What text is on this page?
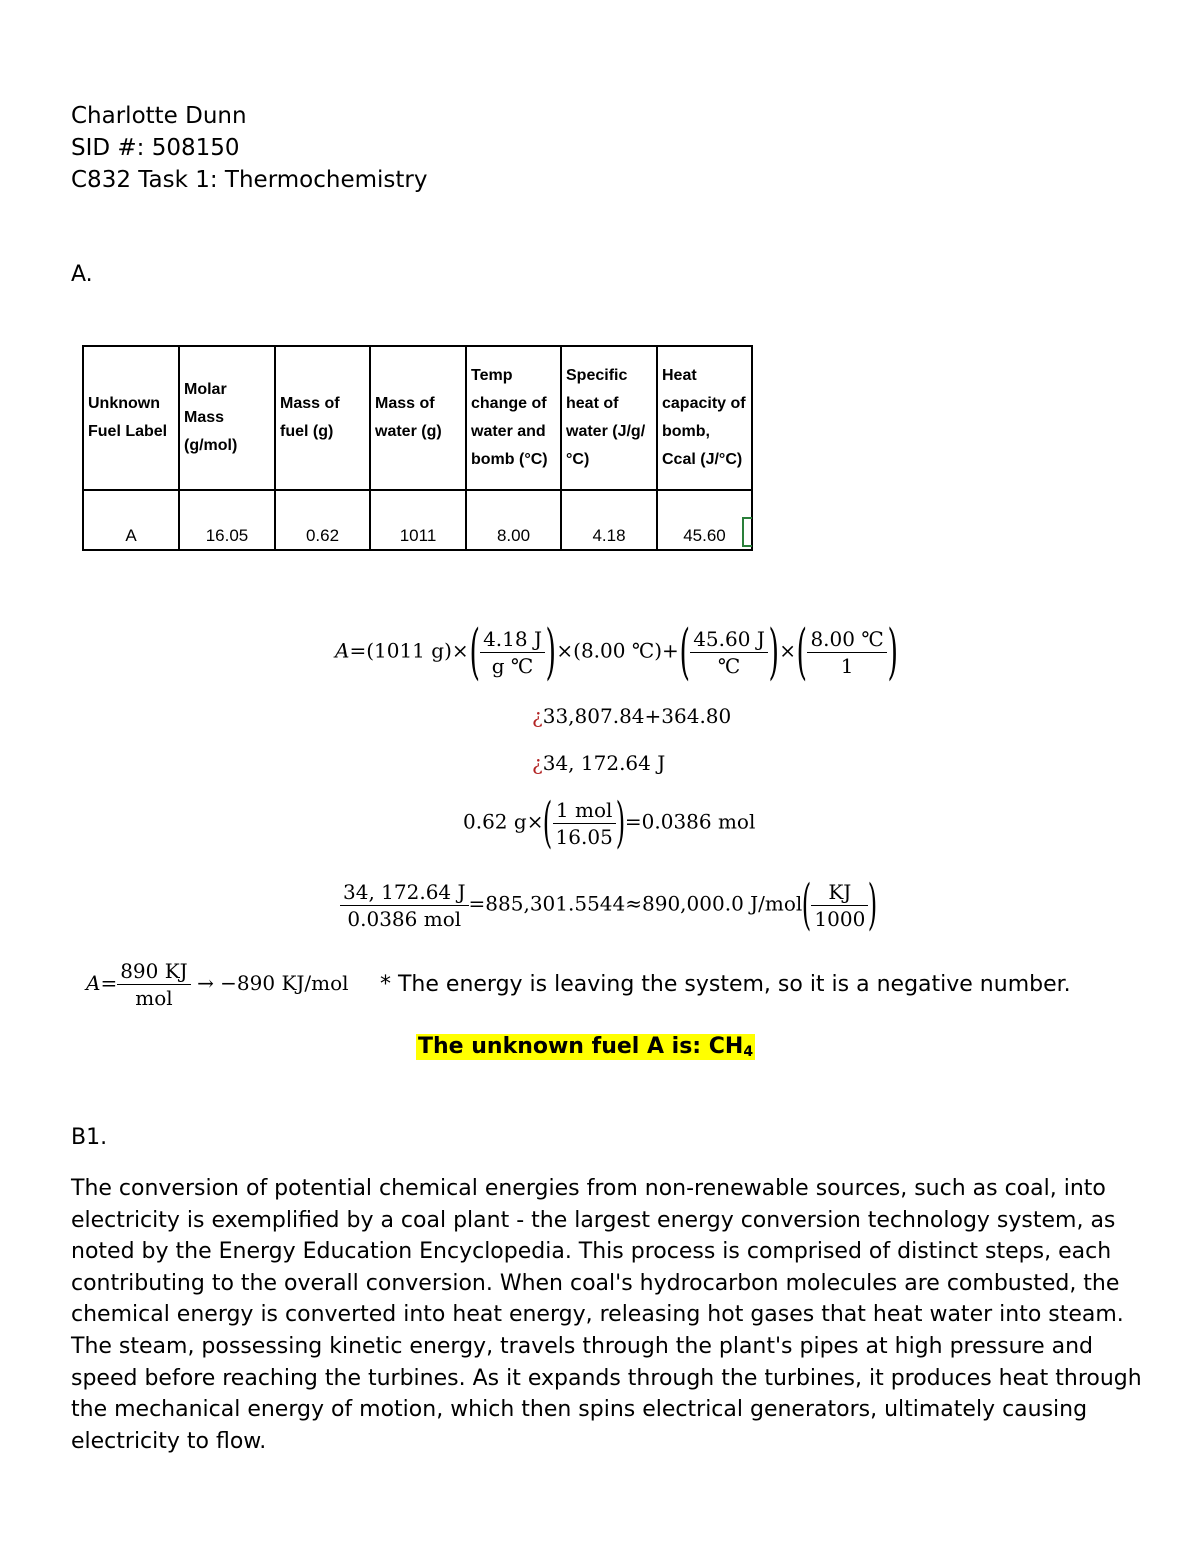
Charlotte Dunn
SID #: 508150
C832 Task 1: Thermochemistry
A.
Unknown Fuel Label	Molar Mass (g/mol)	Mass of fuel (g)	Mass of water (g)	Temp change of water and bomb (°C)	Specific heat of water (J/g/°C)	Heat capacity of bomb, Ccal (J/°C)
A	16.05	0.62	1011	8.00	4.18	45.60
A=(1011 $g)\times( \frac{4.18 J}{g ℃} )\times(8.00$ ℃)+( $\frac{45.60 J}{℃}$ )×( $\frac{8.00 ℃}{1}$ )
¿33,807.84+364.80
¿34, 172.64 J
0.62 $g\times( \frac{\text{1 mol}}{16.05} )=0.0386$ mol
$\frac{34, 172.64 J}{\text{0.0386 mol}} =885,301.5544\approx 890,000.0$ $J/mol( \frac{KJ}{1000}$ )
$A= \frac{890 KJ}{\text{mol}} \to -890$ KJ/mol * The energy is leaving the system, so it is a negative number.
The unknown fuel A is: $CH_4$
B1.
The conversion of potential chemical energies from non-renewable sources, such as coal, into electricity is exemplified by a coal plant - the largest energy conversion technology system, as noted by the Energy Education Encyclopedia. This process is comprised of distinct steps, each contributing to the overall conversion. When coal's hydrocarbon molecules are combusted, the chemical energy is converted into heat energy, releasing hot gases that heat water into steam. The steam, possessing kinetic energy, travels through the plant's pipes at high pressure and speed before reaching the turbines. As it expands through the turbines, it produces heat through the mechanical energy of motion, which then spins electrical generators, ultimately causing electricity to flow.
